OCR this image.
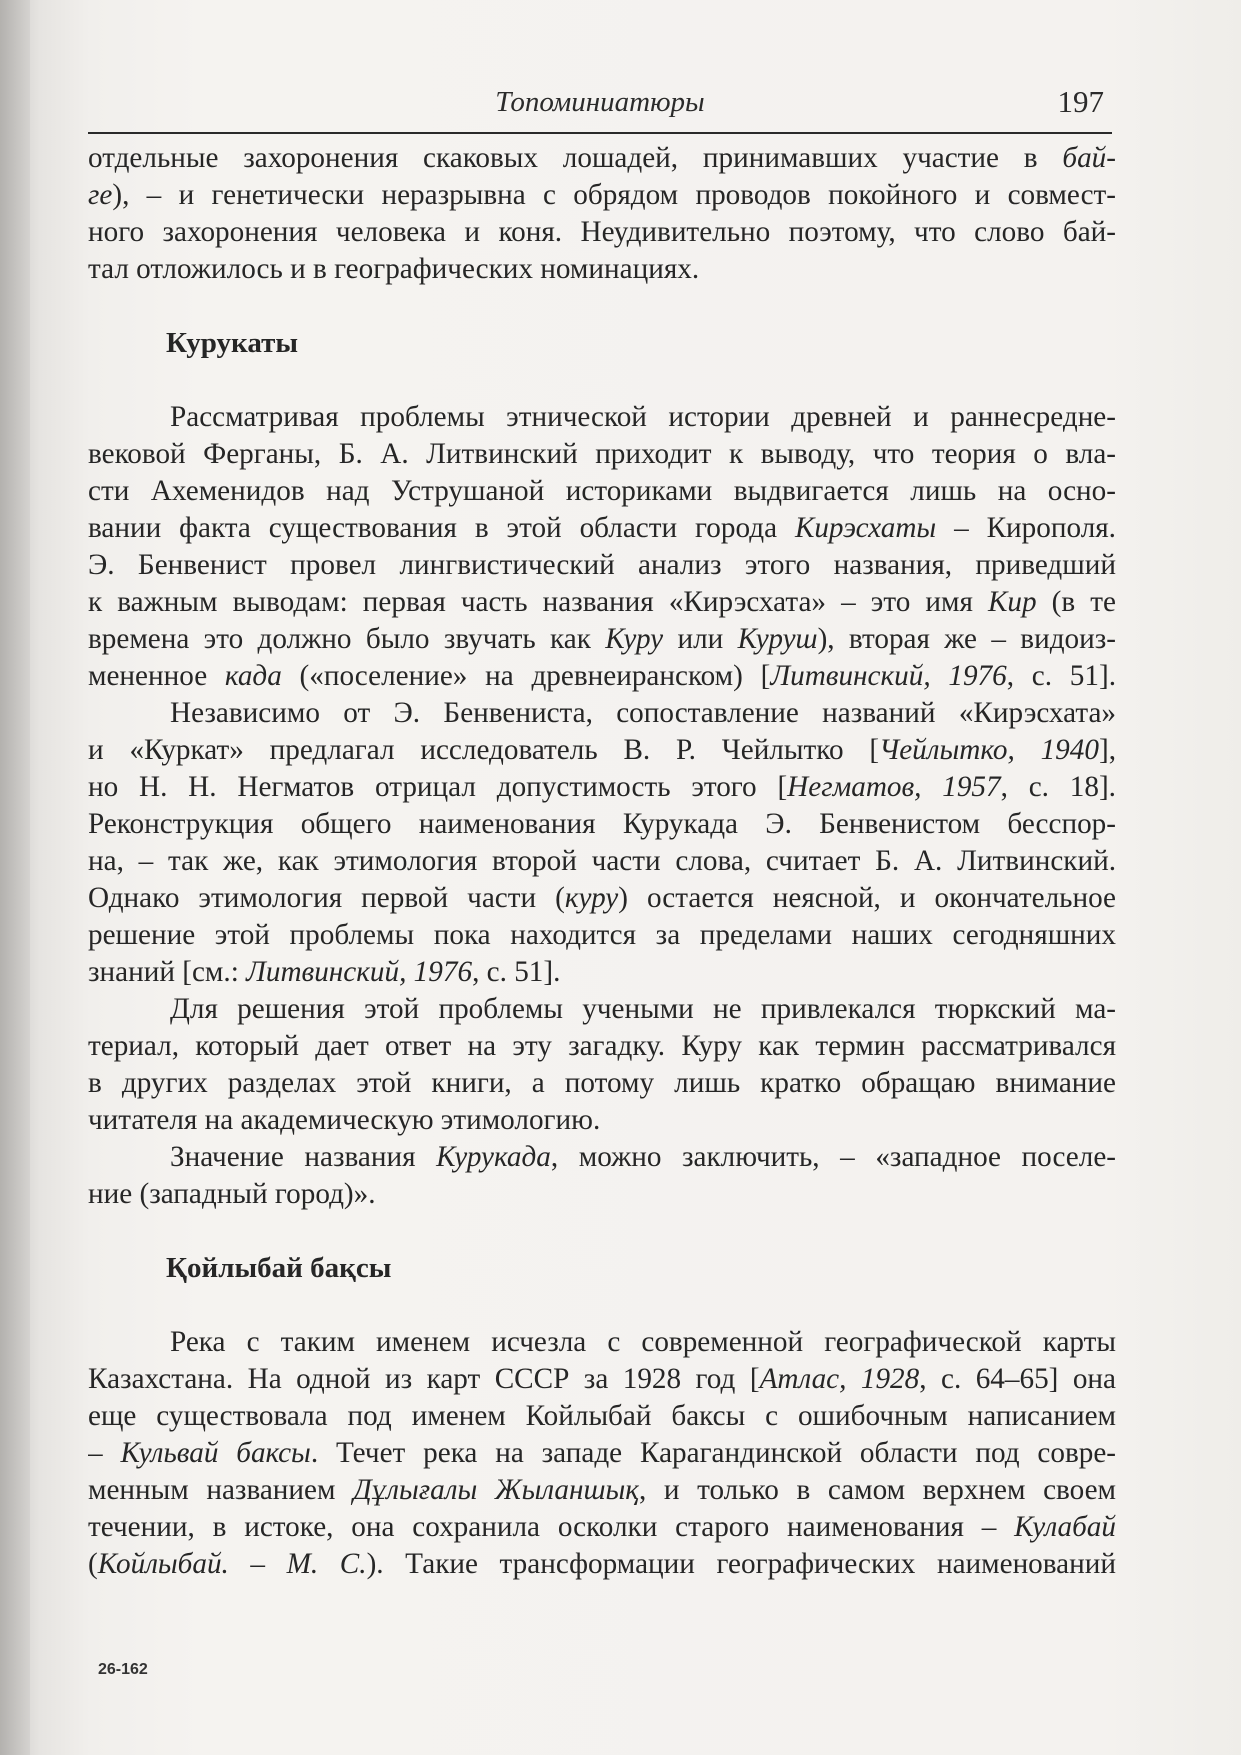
Топоминиатюры	197
отдельные захоронения скаковых лошадей, принимавших участие в бай-
ге), – и генетически неразрывна с обрядом проводов покойного и совмест-
ного захоронения человека и коня. Неудивительно поэтому, что слово бай-
тал отложилось и в географических номинациях.
Курукаты
Рассматривая проблемы этнической истории древней и раннесредне-
вековой Ферганы, Б. А. Литвинский приходит к выводу, что теория о вла-
сти Ахеменидов над Уструшаной историками выдвигается лишь на осно-
вании факта существования в этой области города Кирэсхаты – Кирополя.
Э. Бенвенист провел лингвистический анализ этого названия, приведший
к важным выводам: первая часть названия «Кирэсхата» – это имя Кир (в те
времена это должно было звучать как Куру или Куруш), вторая же – видоиз-
мененное када («поселение» на древнеиранском) [Литвинский, 1976, с. 51].
Независимо от Э. Бенвениста, сопоставление названий «Кирэсхата»
и «Куркат» предлагал исследователь В. Р. Чейлытко [Чейлытко, 1940],
но Н. Н. Негматов отрицал допустимость этого [Негматов, 1957, с. 18].
Реконструкция общего наименования Курукада Э. Бенвенистом бесспор-
на, – так же, как этимология второй части слова, считает Б. А. Литвинский.
Однако этимология первой части (куру) остается неясной, и окончательное
решение этой проблемы пока находится за пределами наших сегодняшних
знаний [см.: Литвинский, 1976, с. 51].
Для решения этой проблемы учеными не привлекался тюркский ма-
териал, который дает ответ на эту загадку. Куру как термин рассматривался
в других разделах этой книги, а потому лишь кратко обращаю внимание
читателя на академическую этимологию.
Значение названия Курукада, можно заключить, – «западное поселе-
ние (западный город)».
Қойлыбай бақсы
Река с таким именем исчезла с современной географической карты
Казахстана. На одной из карт СССР за 1928 год [Атлас, 1928, с. 64–65] она
еще существовала под именем Койлыбай баксы с ошибочным написанием
– Кульвай баксы. Течет река на западе Карагандинской области под совре-
менным названием Дұлығалы Жыланшық, и только в самом верхнем своем
течении, в истоке, она сохранила осколки старого наименования – Кулабай
(Койлыбай. – М. С.). Такие трансформации географических наименований
26-162
